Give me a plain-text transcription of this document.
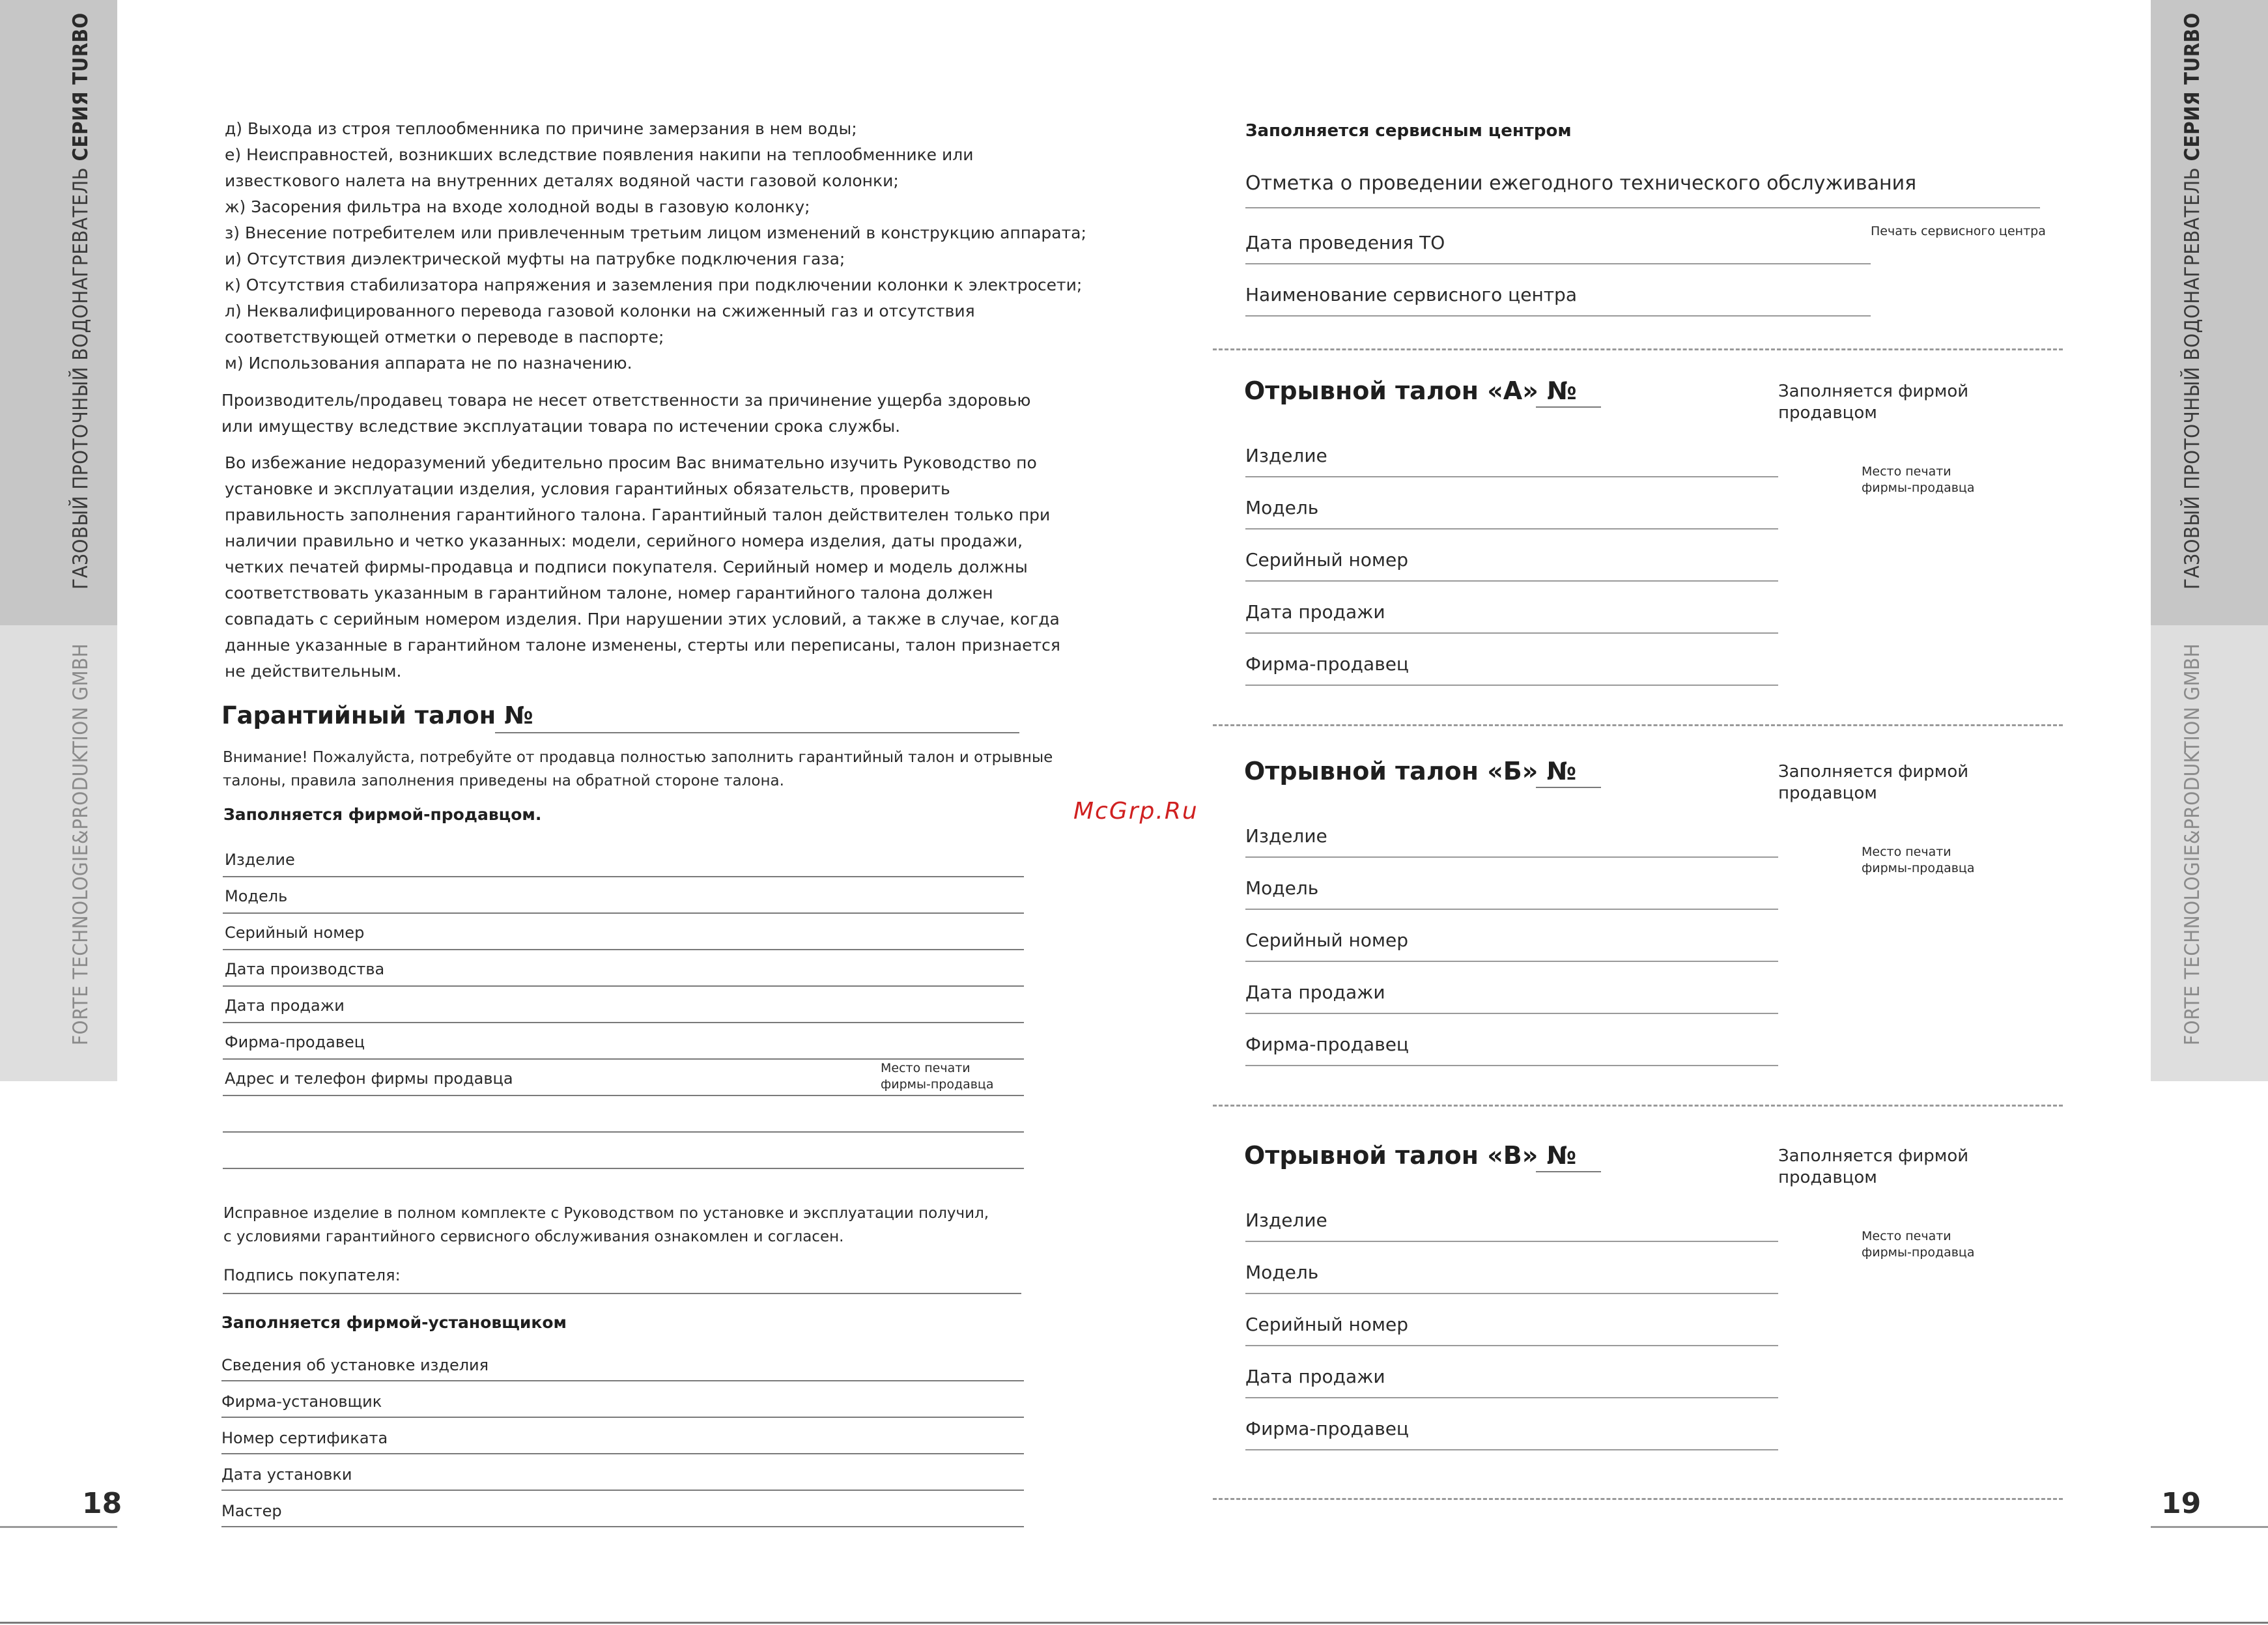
ГАЗОВЫЙ ПРОТОЧНЫЙ ВОДОНАГРЕВАТЕЛЬ СЕРИЯ TURBO
FORTE TECHNOLOGIE&PRODUKTION GMBH
ГАЗОВЫЙ ПРОТОЧНЫЙ ВОДОНАГРЕВАТЕЛЬ СЕРИЯ TURBO
FORTE TECHNOLOGIE&PRODUKTION GMBH
18	19
д) Выхода из строя теплообменника по причине замерзания в нем воды;
е) Неисправностей, возникших вследствие появления накипи на теплообменнике или
известкового налета на внутренних деталях водяной части газовой колонки;
ж) Засорения фильтра на входе холодной воды в газовую колонку;
з) Внесение потребителем или привлеченным третьим лицом изменений в конструкцию аппарата;
и) Отсутствия диэлектрической муфты на патрубке подключения газа;
к) Отсутствия стабилизатора напряжения и заземления при подключении колонки к электросети;
л) Неквалифицированного перевода газовой колонки на сжиженный газ и отсутствия
соответствующей отметки о переводе в паспорте;
м) Использования аппарата не по назначению.
Производитель/продавец товара не несет ответственности за причинение ущерба здоровью
или имуществу вследствие эксплуатации товара по истечении срока службы.
Во избежание недоразумений убедительно просим Вас внимательно изучить Руководство по
установке и эксплуатации изделия, условия гарантийных обязательств, проверить
правильность заполнения гарантийного талона. Гарантийный талон действителен только при
наличии правильно и четко указанных: модели, серийного номера изделия, даты продажи,
четких печатей фирмы-продавца и подписи покупателя. Серийный номер и модель должны
соответствовать указанным в гарантийном талоне, номер гарантийного талона должен
совпадать с серийным номером изделия. При нарушении этих условий, а также в случае, когда
данные указанные в гарантийном талоне изменены, стерты или переписаны, талон признается
не действительным.
Гарантийный талон №
Внимание! Пожалуйста, потребуйте от продавца полностью заполнить гарантийный талон и отрывные
талоны, правила заполнения приведены на обратной стороне талона.
Заполняется фирмой-продавцом.
Изделие
Модель
Серийный номер
Дата производства
Дата продажи
Фирма-продавец
Адрес и телефон фирмы продавца
Место печати
фирмы-продавца
Исправное изделие в полном комплекте с Руководством по установке и эксплуатации получил,
с условиями гарантийного сервисного обслуживания ознакомлен и согласен.
Подпись покупателя:
Заполняется фирмой-установщиком
Сведения об установке изделия
Фирма-установщик
Номер сертификата
Дата установки
Мастер
McGrp.Ru
Заполняется сервисным центром
Отметка о проведении ежегодного технического обслуживания
Дата проведения ТО
Печать сервисного центра
Наименование сервисного центра
Отрывной талон «А» №	Заполняется фирмой
продавцом
Место печати
фирмы-продавца
Изделие
Модель
Серийный номер
Дата продажи
Фирма-продавец
Отрывной талон «Б» №	Заполняется фирмой
продавцом
Место печати
фирмы-продавца
Изделие
Модель
Серийный номер
Дата продажи
Фирма-продавец
Отрывной талон «В» №	Заполняется фирмой
продавцом
Место печати
фирмы-продавца
Изделие
Модель
Серийный номер
Дата продажи
Фирма-продавец
